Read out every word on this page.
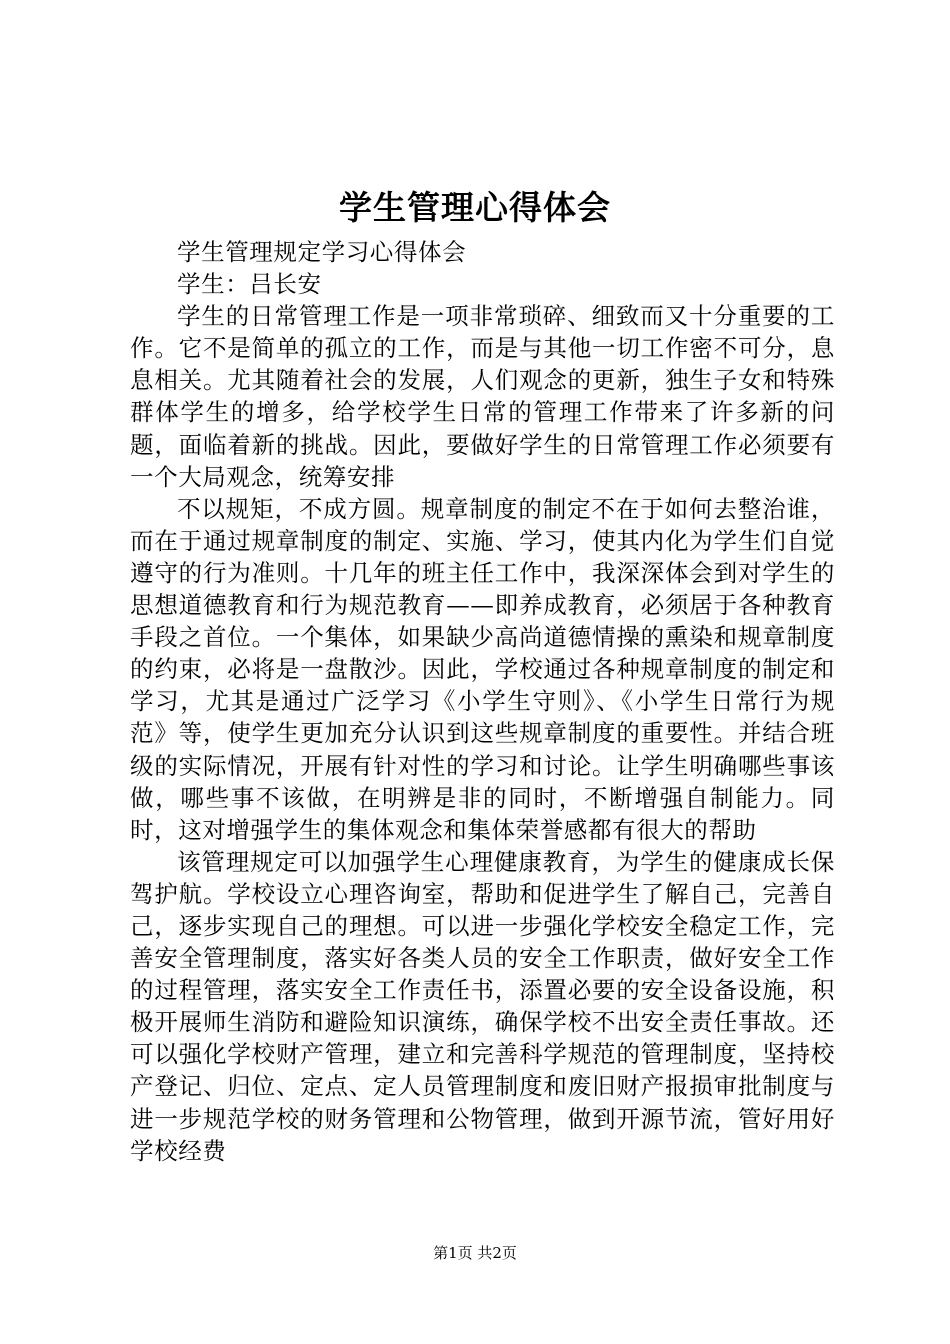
学生管理心得体会

学生管理规定学习心得体会

学生：吕长安

学生的日常管理工作是一项非常琐碎、细致而又十分重要的工作。它不是简单的孤立的工作，而是与其他一切工作密不可分，息息相关。尤其随着社会的发展，人们观念的更新，独生子女和特殊群体学生的增多，给学校学生日常的管理工作带来了许多新的问题，面临着新的挑战。因此，要做好学生的日常管理工作必须要有一个大局观念，统筹安排

不以规矩，不成方圆。规章制度的制定不在于如何去整治谁，而在于通过规章制度的制定、实施、学习，使其内化为学生们自觉遵守的行为准则。十几年的班主任工作中，我深深体会到对学生的思想道德教育和行为规范教育——即养成教育，必须居于各种教育手段之首位。一个集体，如果缺少高尚道德情操的熏染和规章制度的约束，必将是一盘散沙。因此，学校通过各种规章制度的制定和学习，尤其是通过广泛学习《小学生守则》、《小学生日常行为规范》等，使学生更加充分认识到这些规章制度的重要性。并结合班级的实际情况，开展有针对性的学习和讨论。让学生明确哪些事该做，哪些事不该做，在明辨是非的同时，不断增强自制能力。同时，这对增强学生的集体观念和集体荣誉感都有很大的帮助

该管理规定可以加强学生心理健康教育，为学生的健康成长保驾护航。学校设立心理咨询室，帮助和促进学生了解自己，完善自己，逐步实现自己的理想。可以进一步强化学校安全稳定工作，完善安全管理制度，落实好各类人员的安全工作职责，做好安全工作的过程管理，落实安全工作责任书，添置必要的安全设备设施，积极开展师生消防和避险知识演练，确保学校不出安全责任事故。还可以强化学校财产管理，建立和完善科学规范的管理制度，坚持校产登记、归位、定点、定人员管理制度和废旧财产报损审批制度与进一步规范学校的财务管理和公物管理，做到开源节流，管好用好学校经费

第1页 共2页
